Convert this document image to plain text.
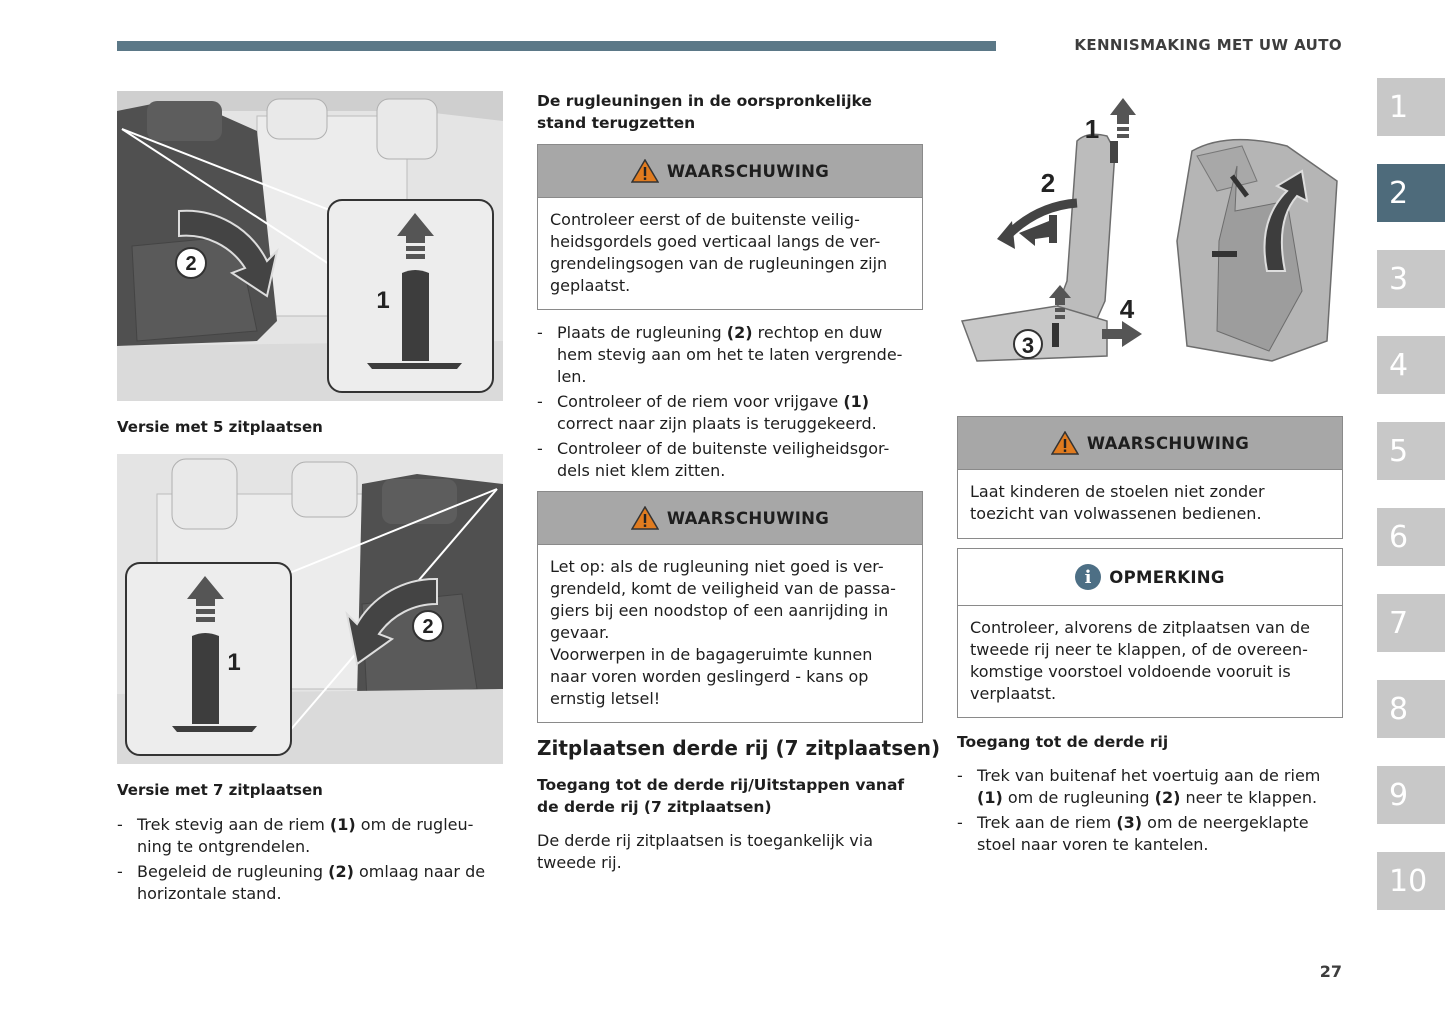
KENNISMAKING MET UW AUTO
1
2
3
4
5
6
7
8
9
10
2
1
Versie met 5 zitplaatsen
1
2
Versie met 7 zitplaatsen
- Trek stevig aan de riem (1) om de rugleu- ning te ontgrendelen.
- Begeleid de rugleuning (2) omlaag naar de horizontale stand.
De rugleuningen in de oorspronkelijke stand terugzetten
WAARSCHUWING
Controleer eerst of de buitenste veilig- heidsgordels goed verticaal langs de ver- grendelingsogen van de rugleuningen zijn geplaatst.
- Plaats de rugleuning (2) rechtop en duw hem stevig aan om het te laten vergrende- len.
- Controleer of de riem voor vrijgave (1) correct naar zijn plaats is teruggekeerd.
- Controleer of de buitenste veiligheidsgor- dels niet klem zitten.
WAARSCHUWING
Let op: als de rugleuning niet goed is ver- grendeld, komt de veiligheid van de passa- giers bij een noodstop of een aanrijding in gevaar.
Voorwerpen in de bagageruimte kunnen naar voren worden geslingerd - kans op ernstig letsel!
Zitplaatsen derde rij (7 zitplaatsen)
Toegang tot de derde rij/Uitstappen vanaf de derde rij (7 zitplaatsen)
De derde rij zitplaatsen is toegankelijk via tweede rij.
1
2
3
4
WAARSCHUWING
Laat kinderen de stoelen niet zonder toezicht van volwassenen bedienen.
i	OPMERKING
Controleer, alvorens de zitplaatsen van de tweede rij neer te klappen, of de overeen- komstige voorstoel voldoende vooruit is verplaatst.
Toegang tot de derde rij
- Trek van buitenaf het voertuig aan de riem (1) om de rugleuning (2) neer te klappen.
- Trek aan de riem (3) om de neergeklapte stoel naar voren te kantelen.
27
